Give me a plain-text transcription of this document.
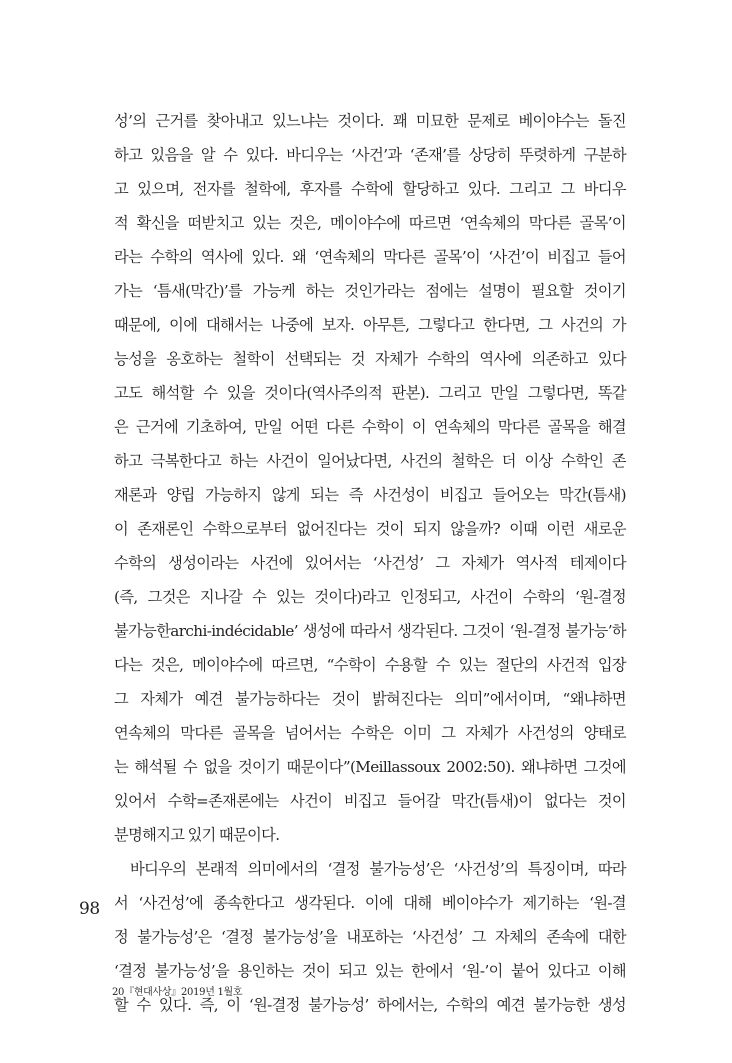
성’의 근거를 찾아내고 있느냐는 것이다. 꽤 미묘한 문제로 베이야수는 돌진
하고 있음을 알 수 있다. 바디우는 ‘사건’과 ‘존재’를 상당히 뚜렷하게 구분하
고 있으며, 전자를 철학에, 후자를 수학에 할당하고 있다. 그리고 그 바디우
적 확신을 떠받치고 있는 것은, 메이야수에 따르면 ‘연속체의 막다른 골목’이
라는 수학의 역사에 있다. 왜 ‘연속체의 막다른 골목’이 ‘사건’이 비집고 들어
가는 ‘틈새(막간)’를 가능케 하는 것인가라는 점에는 설명이 필요할 것이기
때문에, 이에 대해서는 나중에 보자. 아무튼, 그렇다고 한다면, 그 사건의 가
능성을 옹호하는 철학이 선택되는 것 자체가 수학의 역사에 의존하고 있다
고도 해석할 수 있을 것이다(역사주의적 판본). 그리고 만일 그렇다면, 똑같
은 근거에 기초하여, 만일 어떤 다른 수학이 이 연속체의 막다른 골목을 해결
하고 극복한다고 하는 사건이 일어났다면, 사건의 철학은 더 이상 수학인 존
재론과 양립 가능하지 않게 되는 즉 사건성이 비집고 들어오는 막간(틈새)
이 존재론인 수학으로부터 없어진다는 것이 되지 않을까? 이때 이런 새로운
수학의 생성이라는 사건에 있어서는 ‘사건성’ 그 자체가 역사적 테제이다
(즉, 그것은 지나갈 수 있는 것이다)라고 인정되고, 사건이 수학의 ‘원-결정
불가능한archi-indécidable’ 생성에 따라서 생각된다. 그것이 ‘원-결정 불가능’하
다는 것은, 메이야수에 따르면, “수학이 수용할 수 있는 절단의 사건적 입장
그 자체가 예견 불가능하다는 것이 밝혀진다는 의미”에서이며, “왜냐하면
연속체의 막다른 골목을 넘어서는 수학은 이미 그 자체가 사건성의 양태로
는 해석될 수 없을 것이기 때문이다”(Meillassoux 2002:50). 왜냐하면 그것에
있어서 수학=존재론에는 사건이 비집고 들어갈 막간(틈새)이 없다는 것이
분명해지고 있기 때문이다.
바디우의 본래적 의미에서의 ‘결정 불가능성’은 ‘사건성’의 특징이며, 따라
서 ‘사건성’에 종속한다고 생각된다. 이에 대해 베이야수가 제기하는 ‘원-결
정 불가능성’은 ‘결정 불가능성’을 내포하는 ‘사건성’ 그 자체의 존속에 대한
‘결정 불가능성’을 용인하는 것이 되고 있는 한에서 ‘원-’이 붙어 있다고 이해
할 수 있다. 즉, 이 ‘원-결정 불가능성’ 하에서는, 수학의 예견 불가능한 생성
98
20『현대사상』2019년 1월호
